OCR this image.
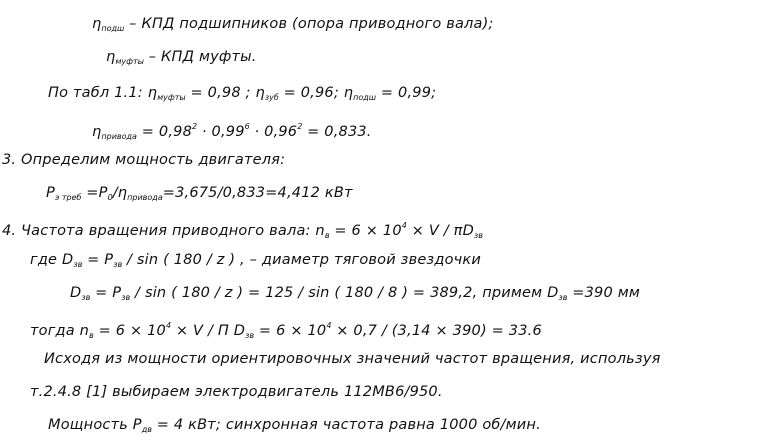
$\eta_{подш}$ – КПД подшипников (опора приводного вала);
$\eta_{муфты}$ – КПД муфты.
По табл 1.1: $\eta_{муфты} = 0,98$ ; $\eta_{зуб} = 0,96$; $\eta_{подш} = 0,99$;
$\eta_{привода} = 0,98^2 \cdot 0,99^6 \cdot 0,96^2 = 0,833$.
3. Определим мощность двигателя:
$P_{э треб} =P_0/\eta_{привода}=3,675/0,833=4,412$ кВт
4. Частота вращения приводного вала: $n_в = 6 \times 10^4 \times V / \pi D_{зв}$
где $D_{зв} = P_{зв} / \sin$ ( 180 / z ) , – диаметр тяговой звездочки
$D_{зв} = P_{зв} / \sin$ ( 180 / z ) = 125 / sin ( 180 / 8 ) = 389,2, примем $D_{зв} =390$ мм
тогда $n_в = 6 \times 10^4 \times V / П$ $D_{зв} = 6 \times 10^4 \times 0,7 / (3,14 \times 390) = 33.6$
Исходя из мощности ориентировочных значений частот вращения, используя
т.2.4.8 [1] выбираем электродвигатель 112МВ6/950.
Мощность $P_{дв} = 4$ кВт; синхронная частота равна 1000 об/мин.
